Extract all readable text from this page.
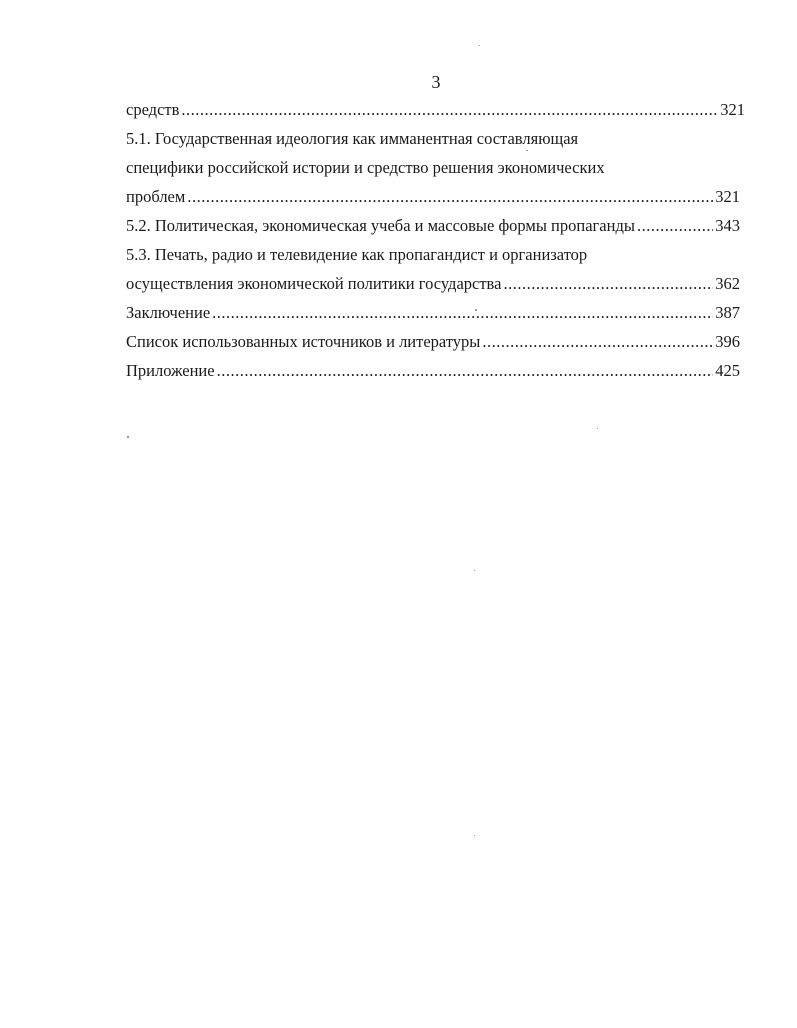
3
средств .....	321
5.1. Государственная идеология как имманентная составляющая
специфики российской истории и средство решения экономических
проблем .....	321
5.2. Политическая, экономическая учеба и массовые формы пропаганды .....	343
5.3. Печать, радио и телевидение как пропагандист и организатор
осуществления экономической политики государства .....	362
Заключение .....	387
Список использованных источников и литературы .....	396
Приложение .....	425
